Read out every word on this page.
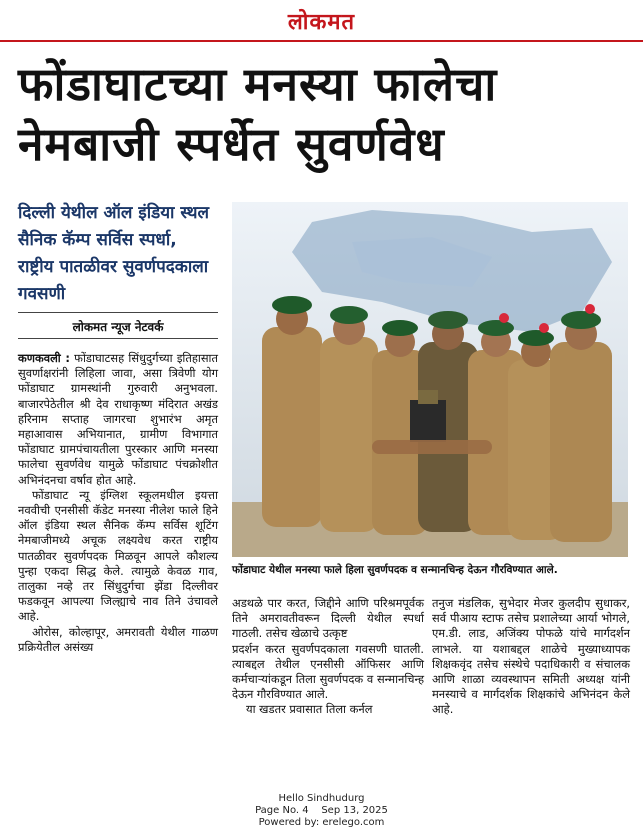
लोकमत
फोंडाघाटच्या मनस्या फालेचा नेमबाजी स्पर्धेत सुवर्णवेध
दिल्ली येथील ऑल इंडिया स्थल सैनिक कॅम्प सर्विस स्पर्धा, राष्ट्रीय पातळीवर सुवर्णपदकाला गवसणी
लोकमत न्यूज नेटवर्क
फोंडाघाट येथील मनस्या फाले हिला सुवर्णपदक व सन्मानचिन्ह देऊन गौरविण्यात आले.

कणकवली : फोंडाघाटसह सिंधुदुर्गच्या इतिहासात सुवर्णाक्षरांनी लिहिला जावा, असा त्रिवेणी योग फोंडाघाट ग्रामस्थांनी गुरुवारी अनुभवला. बाजारपेठेतील श्री देव राधाकृष्ण मंदिरात अखंड हरिनाम सप्ताह जागरचा शुभारंभ अमृत महाआवास अभियानात, ग्रामीण विभागात फोंडाघाट ग्रामपंचायतीला पुरस्कार आणि मनस्या फालेचा सुवर्णवेध यामुळे फोंडाघाट पंचक्रोशीत अभिनंदनचा वर्षाव होत आहे.

फोंडाघाट न्यू इंग्लिश स्कूलमधील इयत्ता नववीची एनसीसी कॅडेट मनस्या नीलेश फाले हिने ऑल इंडिया स्थल सैनिक कॅम्प सर्विस शूटिंग नेमबाजीमध्ये अचूक लक्ष्यवेध करत राष्ट्रीय पातळीवर सुवर्णपदक मिळवून आपले कौशल्य पुन्हा एकदा सिद्ध केले. त्यामुळे केवळ गाव, तालुका नव्हे तर सिंधुदुर्गचा झेंडा दिल्लीवर फडकवून आपल्या जिल्ह्याचे नाव तिने उंचावले आहे.

ओरोस, कोल्हापूर, अमरावती येथील गाळण प्रक्रियेतील असंख्य

अडथळे पार करत, जिद्दीने आणि परिश्रमपूर्वक तिने अमरावतीवरून दिल्ली येथील स्पर्धा गाठली. तसेच खेळाचे उत्कृष्ट

प्रदर्शन करत सुवर्णपदकाला गवसणी घातली. त्याबद्दल तेथील एनसीसी ऑफिसर आणि कर्मचाऱ्यांकडून तिला सुवर्णपदक व सन्मानचिन्ह देऊन गौरविण्यात आले.

या खडतर प्रवासात तिला कर्नल

तनुज मंडलिक, सुभेदार मेजर कुलदीप सुधाकर, सर्व पीआय स्टाफ तसेच प्रशालेच्या आर्या भोगले, एम.डी. लाड, अजिंक्य पोफळे यांचे मार्गदर्शन लाभले. या यशाबद्दल शाळेचे मुख्याध्यापक शिक्षकवृंद तसेच संस्थेचे पदाधिकारी व संचालक आणि शाळा व्यवस्थापन समिती अध्यक्ष यांनी मनस्याचे व मार्गदर्शक शिक्षकांचे अभिनंदन केले आहे.

Hello Sindhudurg
Page No. 4    Sep 13, 2025
Powered by: erelego.com
